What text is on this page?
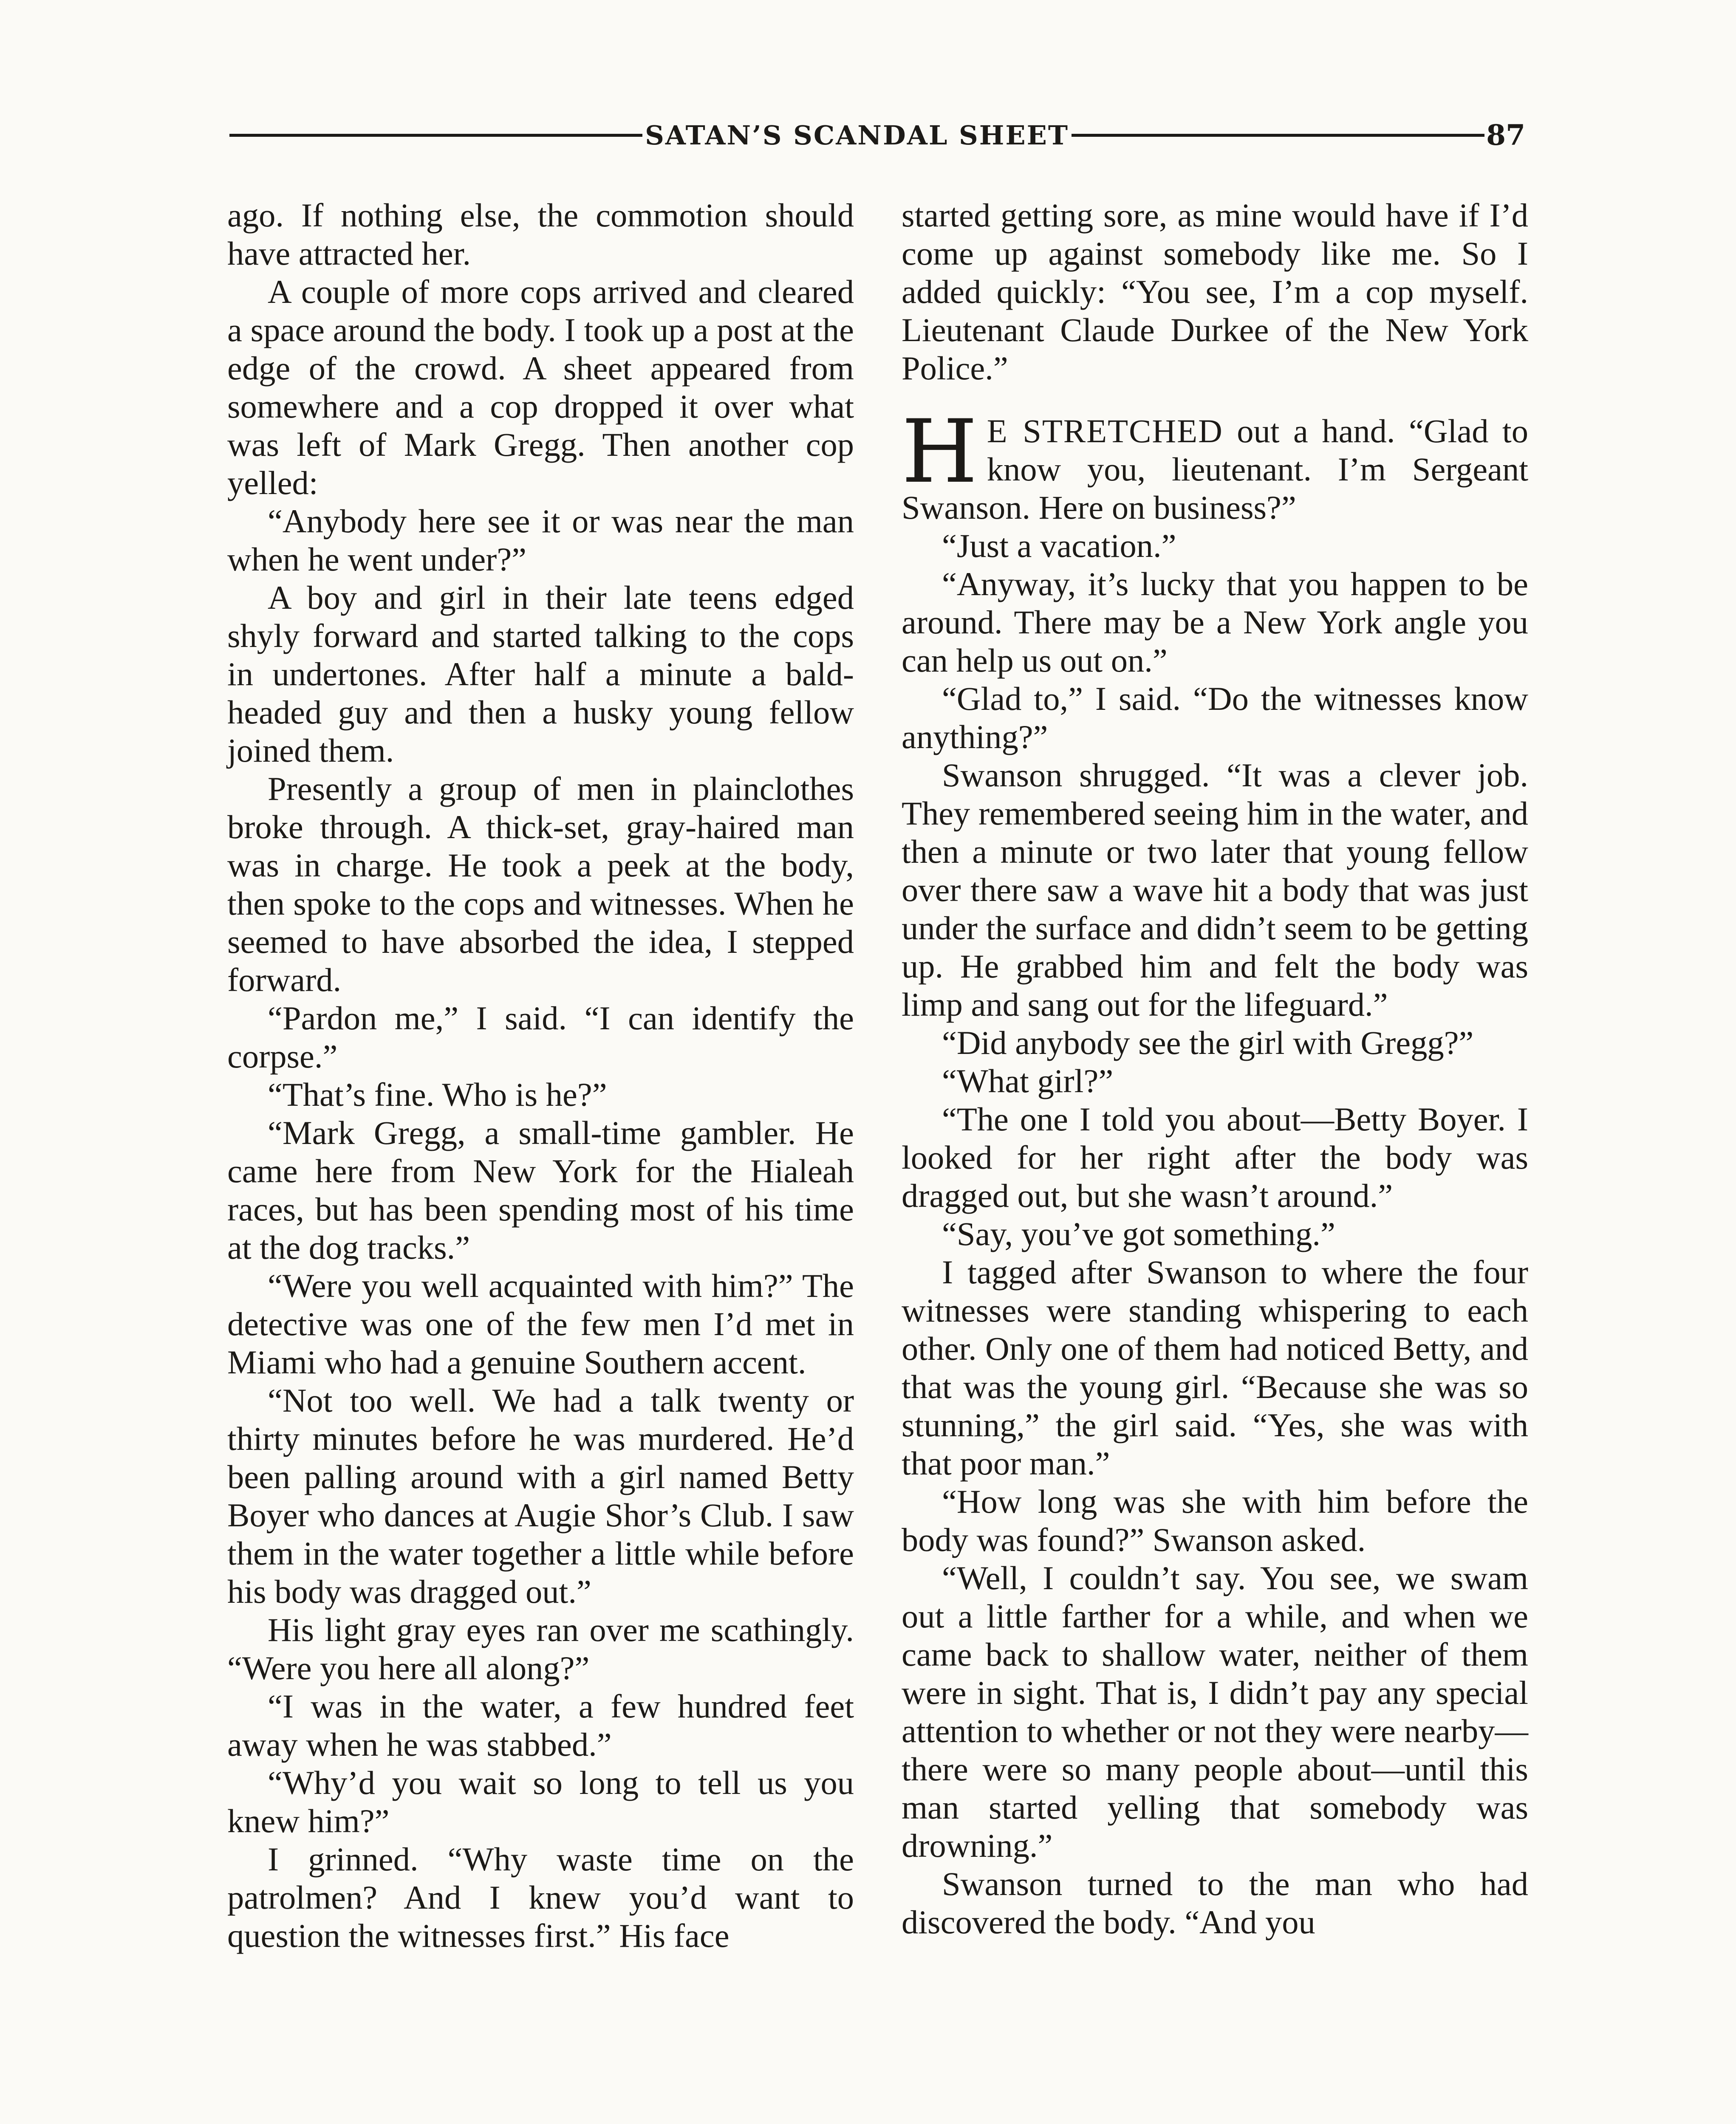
SATAN’S SCANDAL SHEET	87

ago. If nothing else, the commotion should have attracted her.

A couple of more cops arrived and cleared a space around the body. I took up a post at the edge of the crowd. A sheet appeared from somewhere and a cop dropped it over what was left of Mark Gregg. Then another cop yelled:

“Anybody here see it or was near the man when he went under?”

A boy and girl in their late teens edged shyly forward and started talking to the cops in undertones. After half a minute a bald-headed guy and then a husky young fellow joined them.

Presently a group of men in plainclothes broke through. A thick-set, gray-haired man was in charge. He took a peek at the body, then spoke to the cops and witnesses. When he seemed to have absorbed the idea, I stepped forward.

“Pardon me,” I said. “I can identify the corpse.”

“That’s fine. Who is he?”

“Mark Gregg, a small-time gambler. He came here from New York for the Hialeah races, but has been spending most of his time at the dog tracks.”

“Were you well acquainted with him?” The detective was one of the few men I’d met in Miami who had a genuine Southern accent.

“Not too well. We had a talk twenty or thirty minutes before he was murdered. He’d been palling around with a girl named Betty Boyer who dances at Augie Shor’s Club. I saw them in the water together a little while before his body was dragged out.”

His light gray eyes ran over me scathingly. “Were you here all along?”

“I was in the water, a few hundred feet away when he was stabbed.”

“Why’d you wait so long to tell us you knew him?”

I grinned. “Why waste time on the patrolmen? And I knew you’d want to question the witnesses first.” His face

started getting sore, as mine would have if I’d come up against somebody like me. So I added quickly: “You see, I’m a cop myself. Lieutenant Claude Durkee of the New York Police.”

H E STRETCHED out a hand. “Glad to know you, lieutenant. I’m Sergeant Swanson. Here on business?”

“Just a vacation.”

“Anyway, it’s lucky that you happen to be around. There may be a New York angle you can help us out on.”

“Glad to,” I said. “Do the witnesses know anything?”

Swanson shrugged. “It was a clever job. They remembered seeing him in the water, and then a minute or two later that young fellow over there saw a wave hit a body that was just under the surface and didn’t seem to be getting up. He grabbed him and felt the body was limp and sang out for the lifeguard.”

“Did anybody see the girl with Gregg?”

“What girl?”

“The one I told you about—Betty Boyer. I looked for her right after the body was dragged out, but she wasn’t around.”

“Say, you’ve got something.”

I tagged after Swanson to where the four witnesses were standing whispering to each other. Only one of them had noticed Betty, and that was the young girl. “Because she was so stunning,” the girl said. “Yes, she was with that poor man.”

“How long was she with him before the body was found?” Swanson asked.

“Well, I couldn’t say. You see, we swam out a little farther for a while, and when we came back to shallow water, neither of them were in sight. That is, I didn’t pay any special attention to whether or not they were nearby—there were so many people about—until this man started yelling that somebody was drowning.”

Swanson turned to the man who had discovered the body. “And you
